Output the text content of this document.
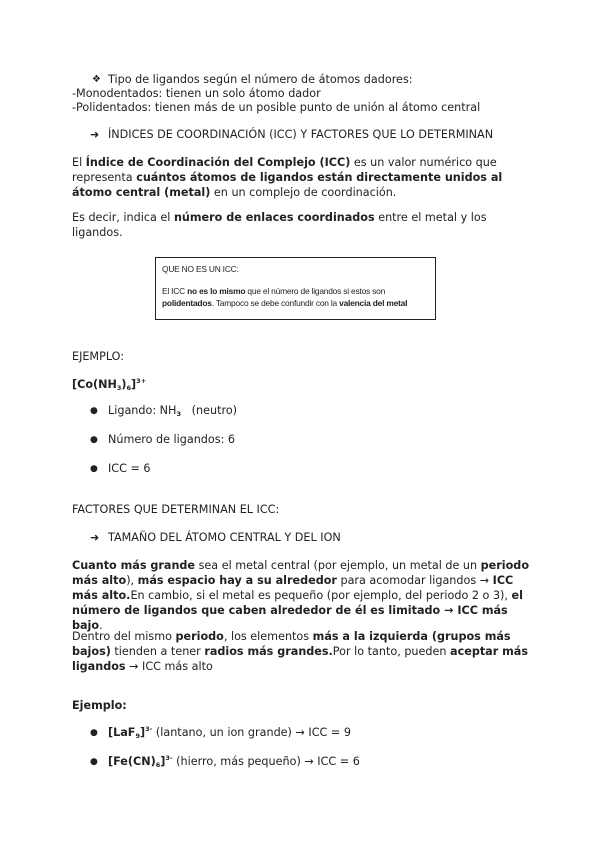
❖ Tipo de ligandos según el número de átomos dadores:

-Monodentados: tienen un solo átomo dador

-Polidentados: tienen más de un posible punto de unión al átomo central

➜ ÍNDICES DE COORDINACIÓN (ICC) Y FACTORES QUE LO DETERMINAN

El Índice de Coordinación del Complejo (ICC) es un valor numérico que representa cuántos átomos de ligandos están directamente unidos al átomo central (metal) en un complejo de coordinación.

Es decir, indica el número de enlaces coordinados entre el metal y los ligandos.

QUE NO ES UN ICC:

El ICC no es lo mismo que el número de ligandos si estos son
polidentados. Tampoco se debe confundir con la valencia del metal

EJEMPLO:

$[Co(NH_3)_6]^{3+}$

● Ligando: $NH_3$   (neutro)

● Número de ligandos: 6

● ICC = 6

FACTORES QUE DETERMINAN EL ICC:

➜ TAMAÑO DEL ÁTOMO CENTRAL Y DEL ION

Cuanto más grande sea el metal central (por ejemplo, un metal de un periodo más alto), más espacio hay a su alrededor para acomodar ligandos → ICC más alto.En cambio, si el metal es pequeño (por ejemplo, del periodo 2 o 3), el número de ligandos que caben alrededor de él es limitado → ICC más bajo.

Dentro del mismo periodo, los elementos más a la izquierda (grupos más bajos) tienden a tener radios más grandes.Por lo tanto, pueden aceptar más ligandos → ICC más alto

Ejemplo:

● $[LaF_9]^{3-}$ (lantano, un ion grande) → ICC = 9

● $[Fe(CN)_6]^{3-}$ (hierro, más pequeño) → ICC = 6
